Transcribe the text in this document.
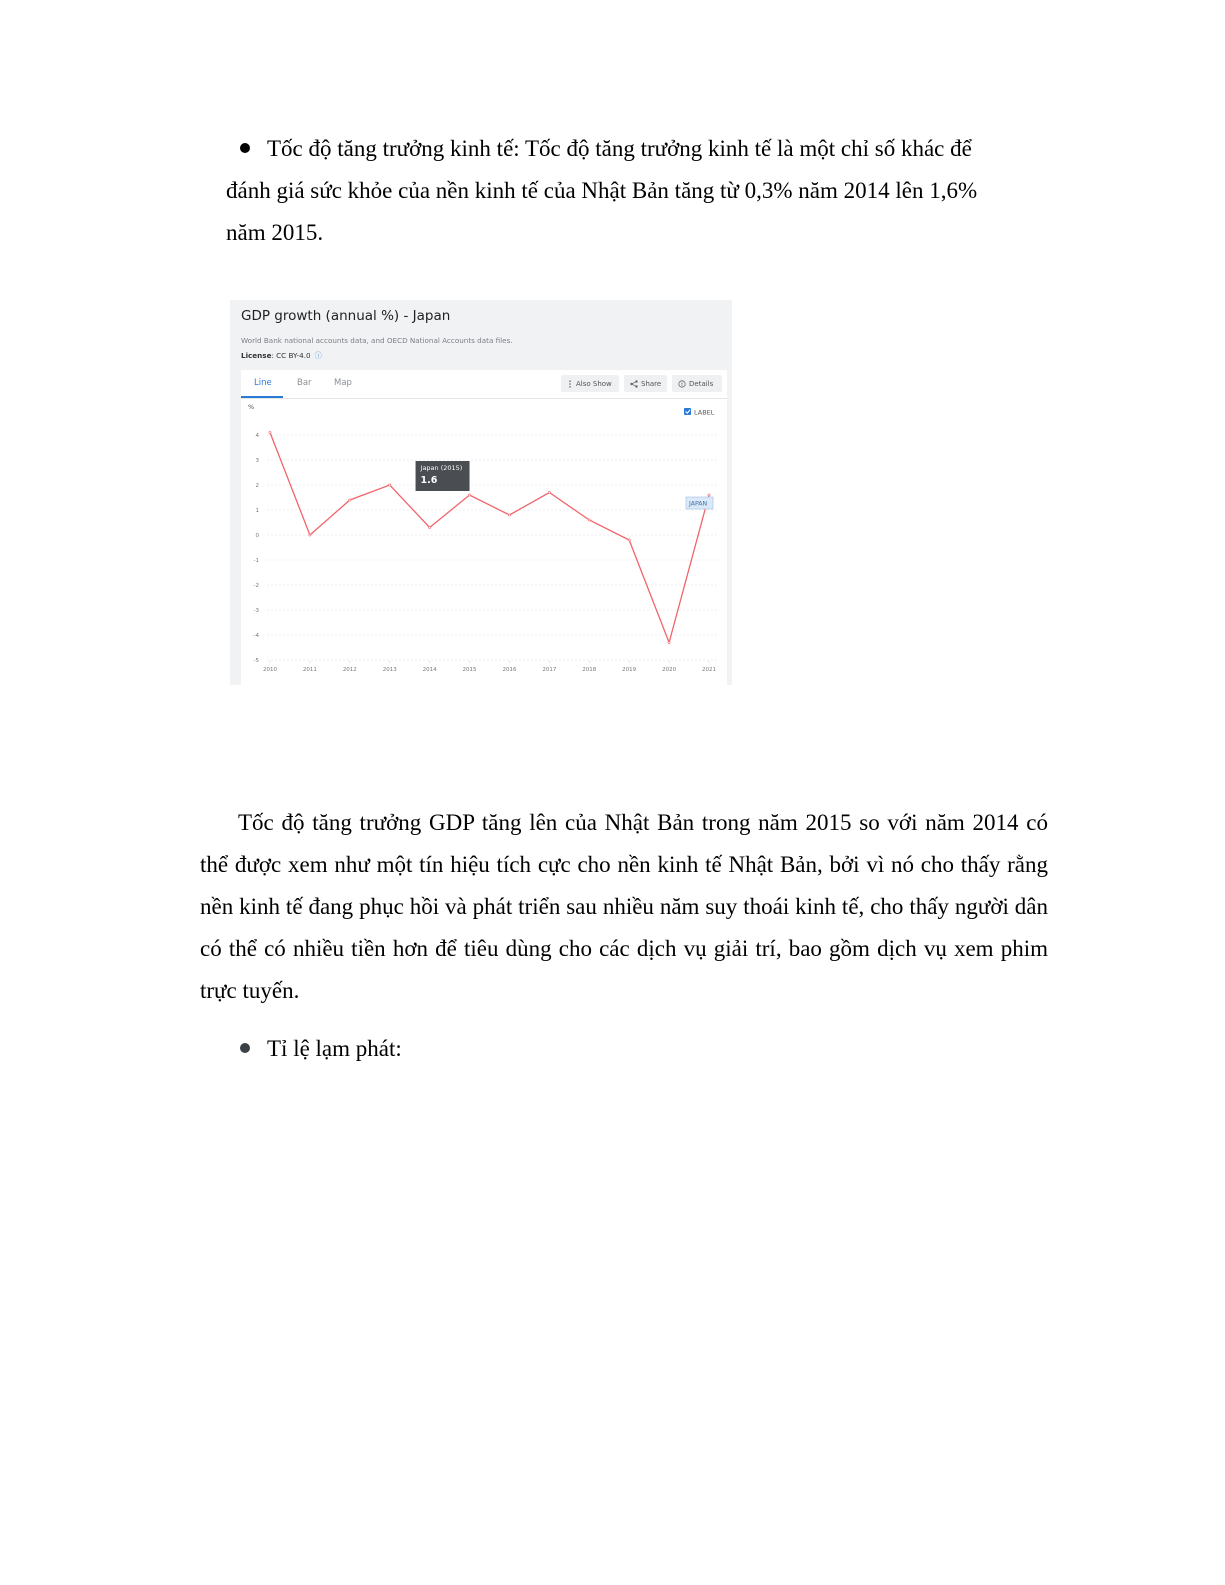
Tốc độ tăng trưởng kinh tế: Tốc độ tăng trưởng kinh tế là một chỉ số khác để
đánh giá sức khỏe của nền kinh tế của Nhật Bản tăng từ 0,3% năm 2014 lên 1,6%
năm 2015.
GDP growth (annual %) - Japan
World Bank national accounts data, and OECD National Accounts data files.
License: CC BY-4.0 ⓘ
Line	Bar	Map	Also Show	Share	Details
%
4
3
2
1
0
-1
-2
-3
-4
-5
2010	2011	2012	2013	2014	2015	2016	2017	2018	2019	2020	2021
LABEL
Japan (2015)
1.6
JAPAN

Tốc độ tăng trưởng GDP tăng lên của Nhật Bản trong năm 2015 so với năm 2014 có thể được xem như một tín hiệu tích cực cho nền kinh tế Nhật Bản, bởi vì nó cho thấy rằng nền kinh tế đang phục hồi và phát triển sau nhiều năm suy thoái kinh tế, cho thấy người dân có thể có nhiều tiền hơn để tiêu dùng cho các dịch vụ giải trí, bao gồm dịch vụ xem phim trực tuyến.

Tỉ lệ lạm phát:
